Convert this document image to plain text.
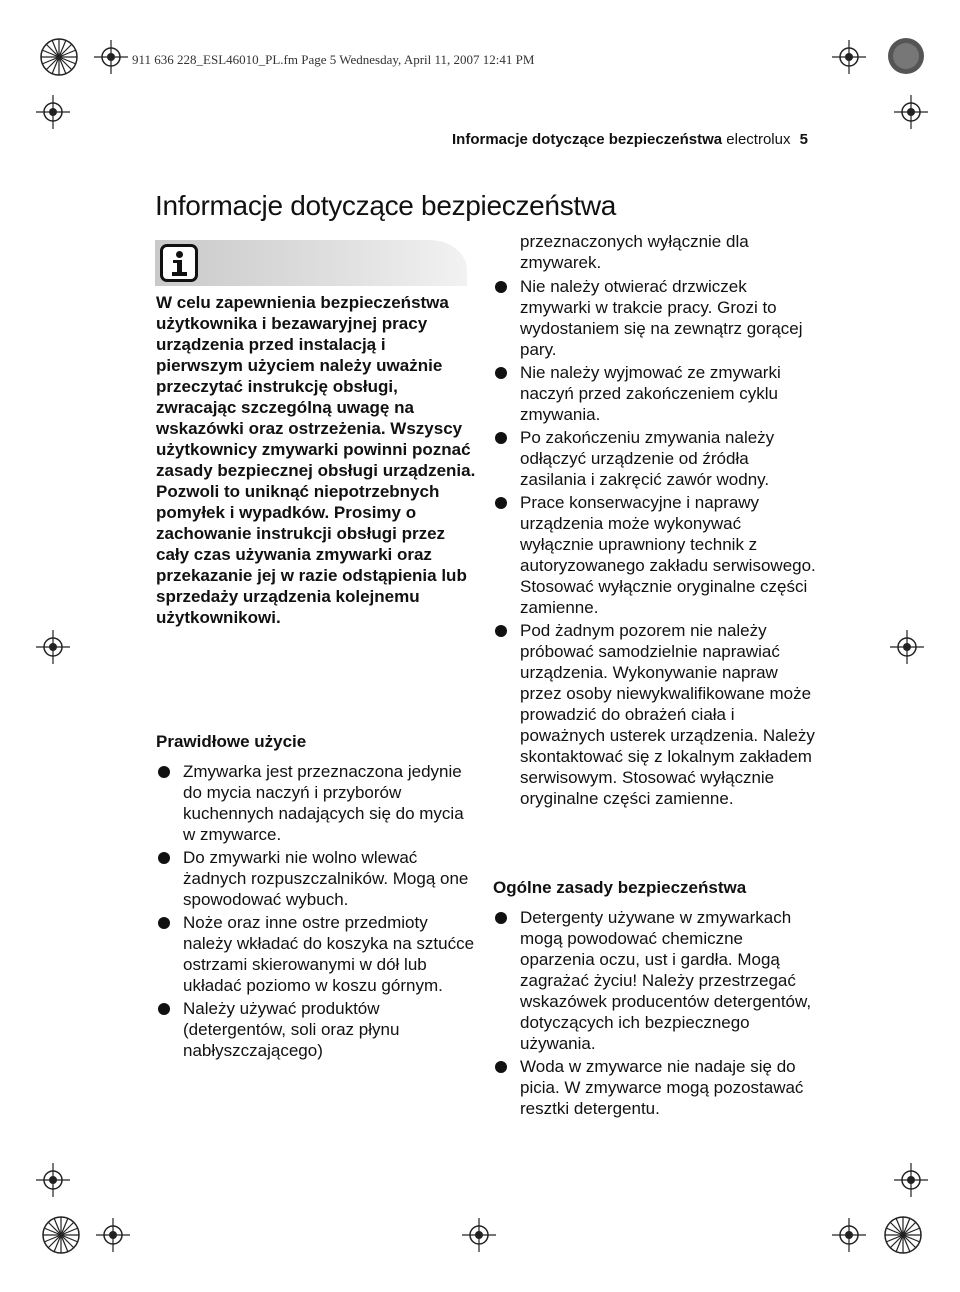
911 636 228_ESL46010_PL.fm Page 5 Wednesday, April 11, 2007 12:41 PM
Informacje dotyczące bezpieczeństwa electrolux 5
Informacje dotyczące bezpieczeństwa

W celu zapewnienia bezpieczeństwa użytkownika i bezawaryjnej pracy urządzenia przed instalacją i pierwszym użyciem należy uważnie przeczytać instrukcję obsługi, zwracając szczególną uwagę na wskazówki oraz ostrzeżenia. Wszyscy użytkownicy zmywarki powinni poznać zasady bezpiecznej obsługi urządzenia. Pozwoli to uniknąć niepotrzebnych pomyłek i wypadków. Prosimy o zachowanie instrukcji obsługi przez cały czas używania zmywarki oraz przekazanie jej w razie odstąpienia lub sprzedaży urządzenia kolejnemu użytkownikowi.

Prawidłowe użycie
Zmywarka jest przeznaczona jedynie do mycia naczyń i przyborów kuchennych nadających się do mycia w zmywarce.
Do zmywarki nie wolno wlewać żadnych rozpuszczalników. Mogą one spowodować wybuch.
Noże oraz inne ostre przedmioty należy wkładać do koszyka na sztućce ostrzami skierowanymi w dół lub układać poziomo w koszu górnym.
Należy używać produktów (detergentów, soli oraz płynu nabłyszczającego)

przeznaczonych wyłącznie dla zmywarek.

Nie należy otwierać drzwiczek zmywarki w trakcie pracy. Grozi to wydostaniem się na zewnątrz gorącej pary.
Nie należy wyjmować ze zmywarki naczyń przed zakończeniem cyklu zmywania.
Po zakończeniu zmywania należy odłączyć urządzenie od źródła zasilania i zakręcić zawór wodny.
Prace konserwacyjne i naprawy urządzenia może wykonywać wyłącznie uprawniony technik z autoryzowanego zakładu serwisowego. Stosować wyłącznie oryginalne części zamienne.
Pod żadnym pozorem nie należy próbować samodzielnie naprawiać urządzenia. Wykonywanie napraw przez osoby niewykwalifikowane może prowadzić do obrażeń ciała i poważnych usterek urządzenia. Należy skontaktować się z lokalnym zakładem serwisowym. Stosować wyłącznie oryginalne części zamienne.
Ogólne zasady bezpieczeństwa
Detergenty używane w zmywarkach mogą powodować chemiczne oparzenia oczu, ust i gardła. Mogą zagrażać życiu! Należy przestrzegać wskazówek producentów detergentów, dotyczących ich bezpiecznego używania.
Woda w zmywarce nie nadaje się do picia. W zmywarce mogą pozostawać resztki detergentu.
